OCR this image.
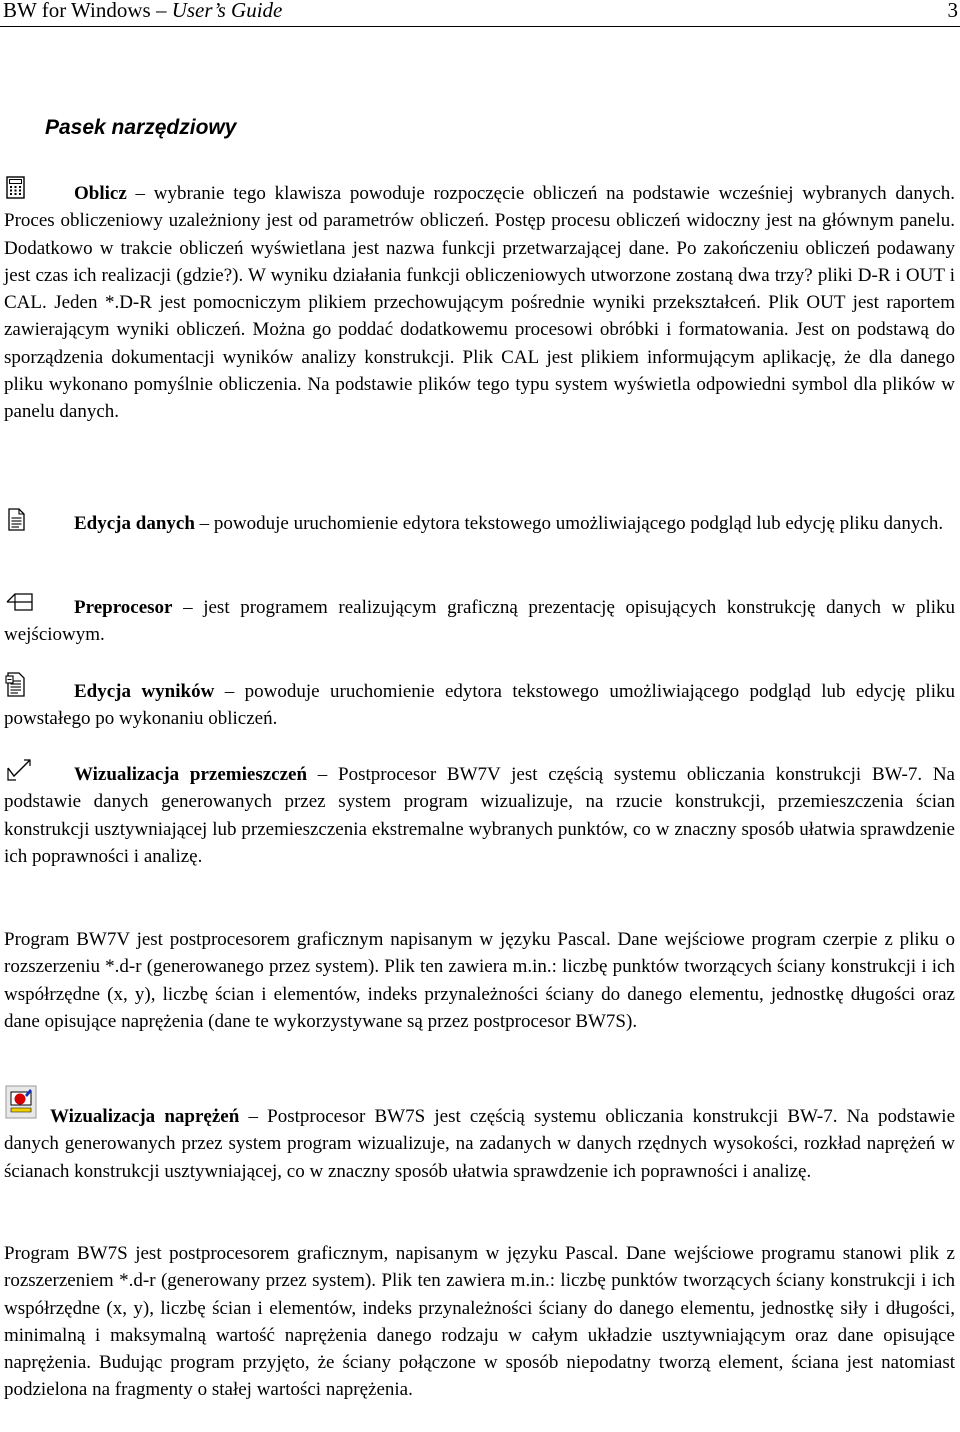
BW for Windows – User’s Guide	3
Pasek narzędziowy
Oblicz – wybranie tego klawisza powoduje rozpoczęcie obliczeń na podstawie wcześniej wybranych danych. Proces obliczeniowy uzależniony jest od parametrów obliczeń. Postęp procesu obliczeń widoczny jest na głównym panelu. Dodatkowo w trakcie obliczeń wyświetlana jest nazwa funkcji przetwarzającej dane. Po zakończeniu obliczeń podawany jest czas ich realizacji (gdzie?). W wyniku działania funkcji obliczeniowych utworzone zostaną dwa trzy? pliki D-R i OUT i CAL. Jeden *.D-R jest pomocniczym plikiem przechowującym pośrednie wyniki przekształceń. Plik OUT jest raportem zawierającym wyniki obliczeń. Można go poddać dodatkowemu procesowi obróbki i formatowania. Jest on podstawą do sporządzenia dokumentacji wyników analizy konstrukcji. Plik CAL jest plikiem informującym aplikację, że dla danego pliku wykonano pomyślnie obliczenia. Na podstawie plików tego typu system wyświetla odpowiedni symbol dla plików w panelu danych.
Edycja danych – powoduje uruchomienie edytora tekstowego umożliwiającego podgląd lub edycję pliku danych.
Preprocesor – jest programem realizującym graficzną prezentację opisujących konstrukcję danych w pliku wejściowym.
Edycja wyników – powoduje uruchomienie edytora tekstowego umożliwiającego podgląd lub edycję pliku powstałego po wykonaniu obliczeń.
Wizualizacja przemieszczeń – Postprocesor BW7V jest częścią systemu obliczania konstrukcji BW-7. Na podstawie danych generowanych przez system program wizualizuje, na rzucie konstrukcji, przemieszczenia ścian konstrukcji usztywniającej lub przemieszczenia ekstremalne wybranych punktów, co w znaczny sposób ułatwia sprawdzenie ich poprawności i analizę.
Program BW7V jest postprocesorem graficznym napisanym w języku Pascal. Dane wejściowe program czerpie z pliku o rozszerzeniu *.d-r (generowanego przez system). Plik ten zawiera m.in.: liczbę punktów tworzących ściany konstrukcji i ich współrzędne (x, y), liczbę ścian i elementów, indeks przynależności ściany do danego elementu, jednostkę długości oraz dane opisujące naprężenia (dane te wykorzystywane są przez postprocesor BW7S).
Wizualizacja naprężeń – Postprocesor BW7S jest częścią systemu obliczania konstrukcji BW-7. Na podstawie danych generowanych przez system program wizualizuje, na zadanych w danych rzędnych wysokości, rozkład naprężeń w ścianach konstrukcji usztywniającej, co w znaczny sposób ułatwia sprawdzenie ich poprawności i analizę.
Program BW7S jest postprocesorem graficznym, napisanym w języku Pascal. Dane wejściowe programu stanowi plik z rozszerzeniem *.d-r (generowany przez system). Plik ten zawiera m.in.: liczbę punktów tworzących ściany konstrukcji i ich współrzędne (x, y), liczbę ścian i elementów, indeks przynależności ściany do danego elementu, jednostkę siły i długości, minimalną i maksymalną wartość naprężenia danego rodzaju w całym układzie usztywniającym oraz dane opisujące naprężenia. Budując program przyjęto, że ściany połączone w sposób niepodatny tworzą element, ściana jest natomiast podzielona na fragmenty o stałej wartości naprężenia.
